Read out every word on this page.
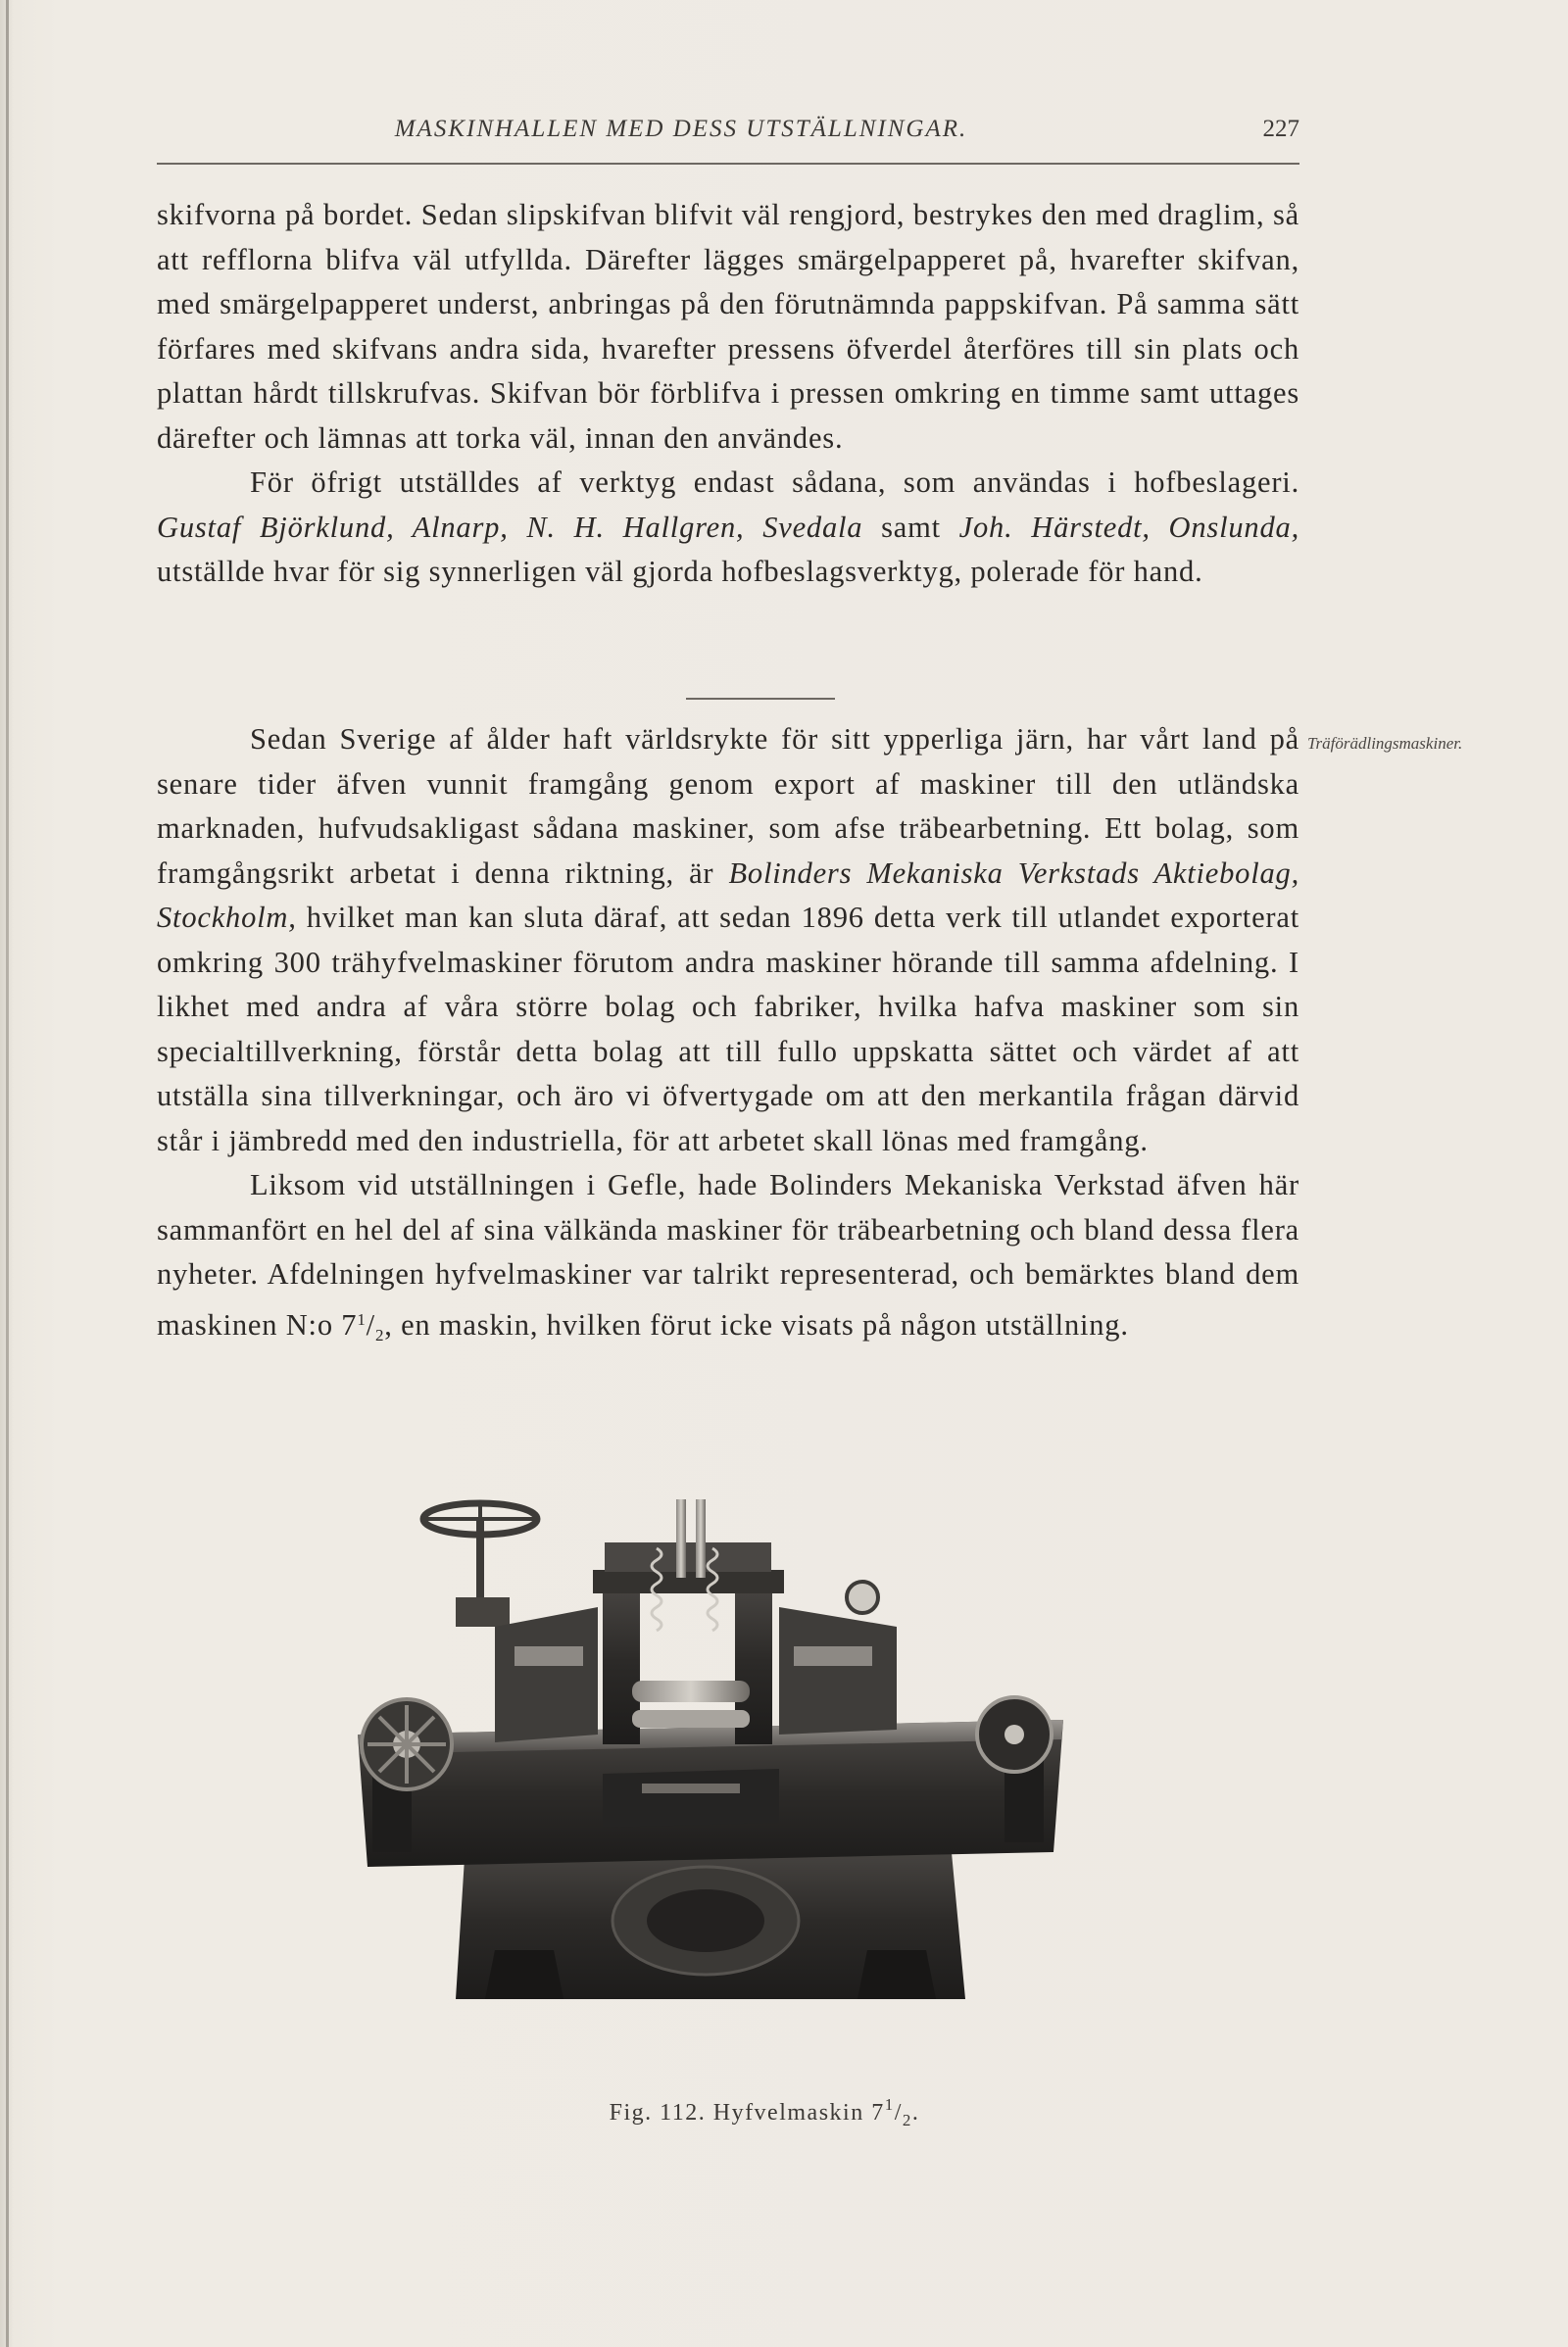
MASKINHALLEN MED DESS UTSTÄLLNINGAR.	227

skifvorna på bordet. Sedan slipskifvan blifvit väl rengjord, bestrykes den med draglim, så att refflorna blifva väl utfyllda. Därefter lägges smärgelpapperet på, hvarefter skifvan, med smärgelpapperet underst, anbringas på den förutnämnda pappskifvan. På samma sätt förfares med skifvans andra sida, hvarefter pressens öfverdel återföres till sin plats och plattan hårdt tillskrufvas. Skifvan bör förblifva i pressen omkring en timme samt uttages därefter och lämnas att torka väl, innan den användes.

För öfrigt utställdes af verktyg endast sådana, som användas i hofbeslageri. Gustaf Björklund, Alnarp, N. H. Hallgren, Svedala samt Joh. Härstedt, Onslunda, utställde hvar för sig synnerligen väl gjorda hofbeslagsverktyg, polerade för hand.

Träförädlingsmaskiner.

Sedan Sverige af ålder haft världsrykte för sitt ypperliga järn, har vårt land på senare tider äfven vunnit framgång genom export af maskiner till den utländska marknaden, hufvudsakligast sådana maskiner, som afse träbearbetning. Ett bolag, som framgångsrikt arbetat i denna riktning, är Bolinders Mekaniska Verkstads Aktiebolag, Stockholm, hvilket man kan sluta däraf, att sedan 1896 detta verk till utlandet exporterat omkring 300 trähyfvelmaskiner förutom andra maskiner hörande till samma afdelning. I likhet med andra af våra större bolag och fabriker, hvilka hafva maskiner som sin specialtillverkning, förstår detta bolag att till fullo uppskatta sättet och värdet af att utställa sina tillverkningar, och äro vi öfvertygade om att den merkantila frågan därvid står i jämbredd med den industriella, för att arbetet skall lönas med framgång.

Liksom vid utställningen i Gefle, hade Bolinders Mekaniska Verkstad äfven här sammanfört en hel del af sina välkända maskiner för träbearbetning och bland dessa flera nyheter. Afdelningen hyfvelmaskiner var talrikt representerad, och bemärktes bland dem maskinen N:o $7^1/_2$, en maskin, hvilken förut icke visats på någon utställning.

Fig. 112. Hyfvelmaskin $7^1/_2$.
